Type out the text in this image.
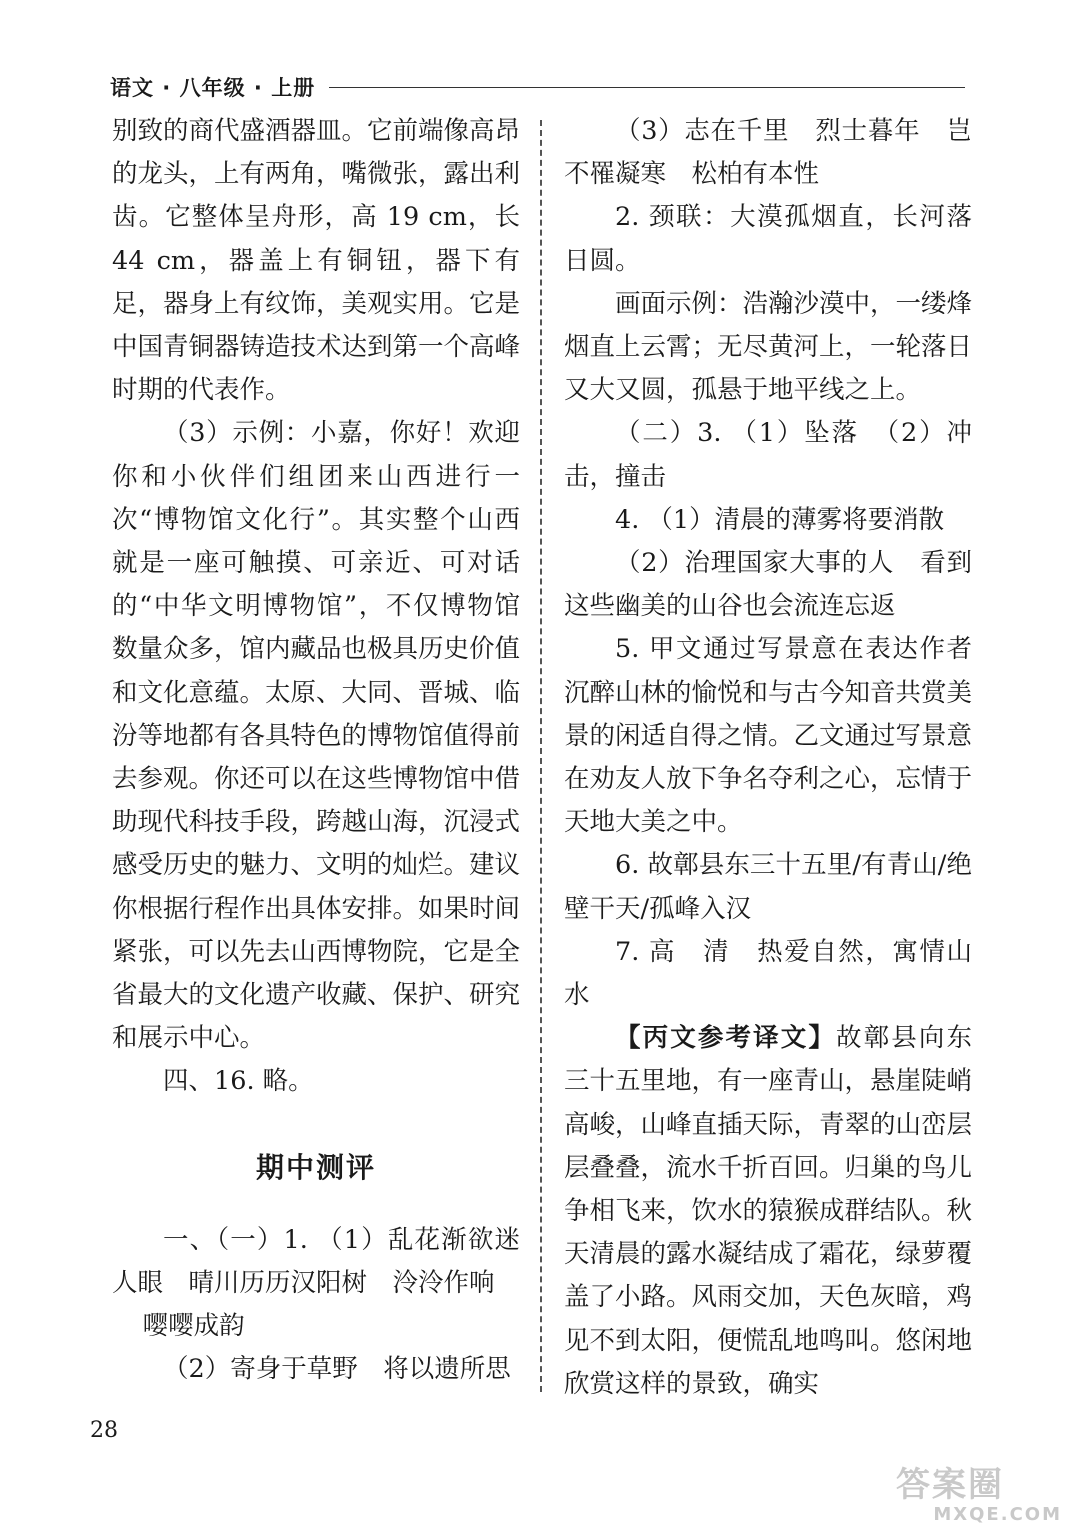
语文 · 八年级 · 上册

别致的商代盛酒器皿。它前端像高昂的龙头，上有两角，嘴微张，露出利齿。它整体呈舟形，高 19 cm，长 44 cm，器盖上有铜钮，器下有足，器身上有纹饰，美观实用。它是中国青铜器铸造技术达到第一个高峰时期的代表作。

（3）示例：小嘉，你好！欢迎你和小伙伴们组团来山西进行一次“博物馆文化行”。其实整个山西就是一座可触摸、可亲近、可对话的“中华文明博物馆”，不仅博物馆数量众多，馆内藏品也极具历史价值和文化意蕴。太原、大同、晋城、临汾等地都有各具特色的博物馆值得前去参观。你还可以在这些博物馆中借助现代科技手段，跨越山海，沉浸式感受历史的魅力、文明的灿烂。建议你根据行程作出具体安排。如果时间紧张，可以先去山西博物院，它是全省最大的文化遗产收藏、保护、研究和展示中心。

四、16. 略。

期中测评

一、（一）1. （1）乱花渐欲迷人眼　晴川历历汉阳树　泠泠作响

嘤嘤成韵

（2）寄身于草野　将以遗所思

（3）志在千里　烈士暮年　岂不罹凝寒　松柏有本性

2. 颈联：大漠孤烟直，长河落日圆。

画面示例：浩瀚沙漠中，一缕烽烟直上云霄；无尽黄河上，一轮落日又大又圆，孤悬于地平线之上。

（二）3. （1）坠落　（2）冲击，撞击

4. （1）清晨的薄雾将要消散

（2）治理国家大事的人　看到这些幽美的山谷也会流连忘返

5. 甲文通过写景意在表达作者沉醉山林的愉悦和与古今知音共赏美景的闲适自得之情。乙文通过写景意在劝友人放下争名夺利之心，忘情于天地大美之中。

6. 故鄣县东三十五里/有青山/绝壁干天/孤峰入汉

7. 高　清　热爱自然，寓情山水

【丙文参考译文】故鄣县向东三十五里地，有一座青山，悬崖陡峭高峻，山峰直插天际，青翠的山峦层层叠叠，流水千折百回。归巢的鸟儿争相飞来，饮水的猿猴成群结队。秋天清晨的露水凝结成了霜花，绿萝覆盖了小路。风雨交加，天色灰暗，鸡见不到太阳，便慌乱地鸣叫。悠闲地欣赏这样的景致，确实

28
答案圈
MXQE.COM
